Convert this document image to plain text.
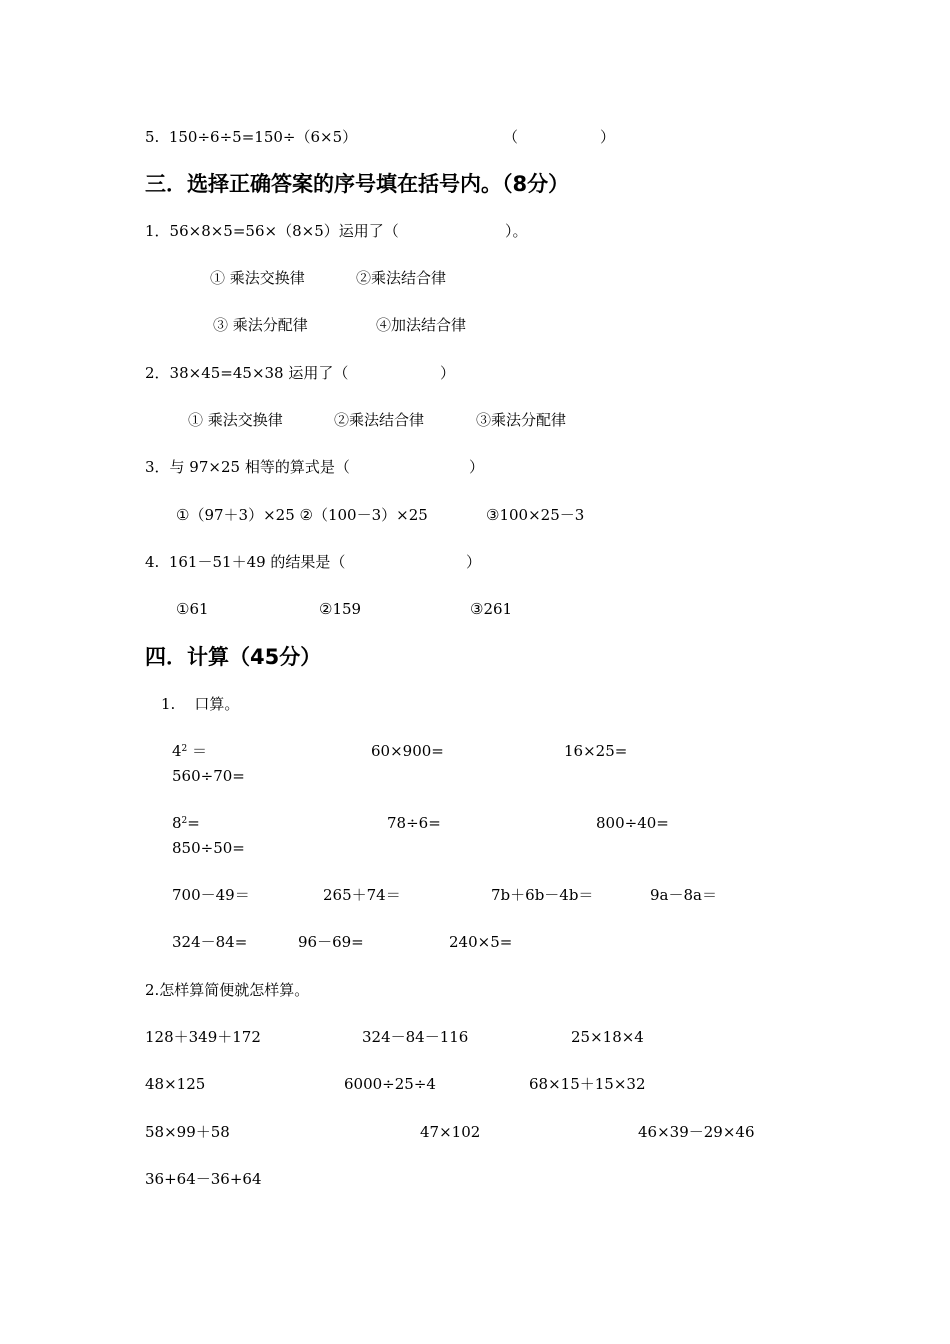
5.  150÷6÷5=150÷（6×5）	（	）
三．选择正确答案的序号填在括号内。（8分）
1．56×8×5=56×（8×5）运用了（	）。
① 乘法交换律	②乘法结合律
③ 乘法分配律	④加法结合律
2．38×45=45×38 运用了（	）
① 乘法交换律	②乘法结合律	③乘法分配律
3．与 97×25 相等的算式是（	）
①（97＋3）×25 ②（100－3）×25	③100×25－3
4.  161－51＋49 的结果是（	）
①61	②159	③261
四．计算（45分）
1.    口算。
$4^2$ ＝	60×900=	16×25=
560÷70=
$8^2=$	78÷6=	800÷40=
850÷50=
700－49＝	265＋74＝	7b＋6b－4b＝	9a－8a＝
324－84=	96－69=	240×5=
2.怎样算简便就怎样算。
128＋349＋172	324－84－116	25×18×4
48×125	6000÷25÷4	68×15＋15×32
58×99＋58	47×102	46×39－29×46
36+64－36+64
